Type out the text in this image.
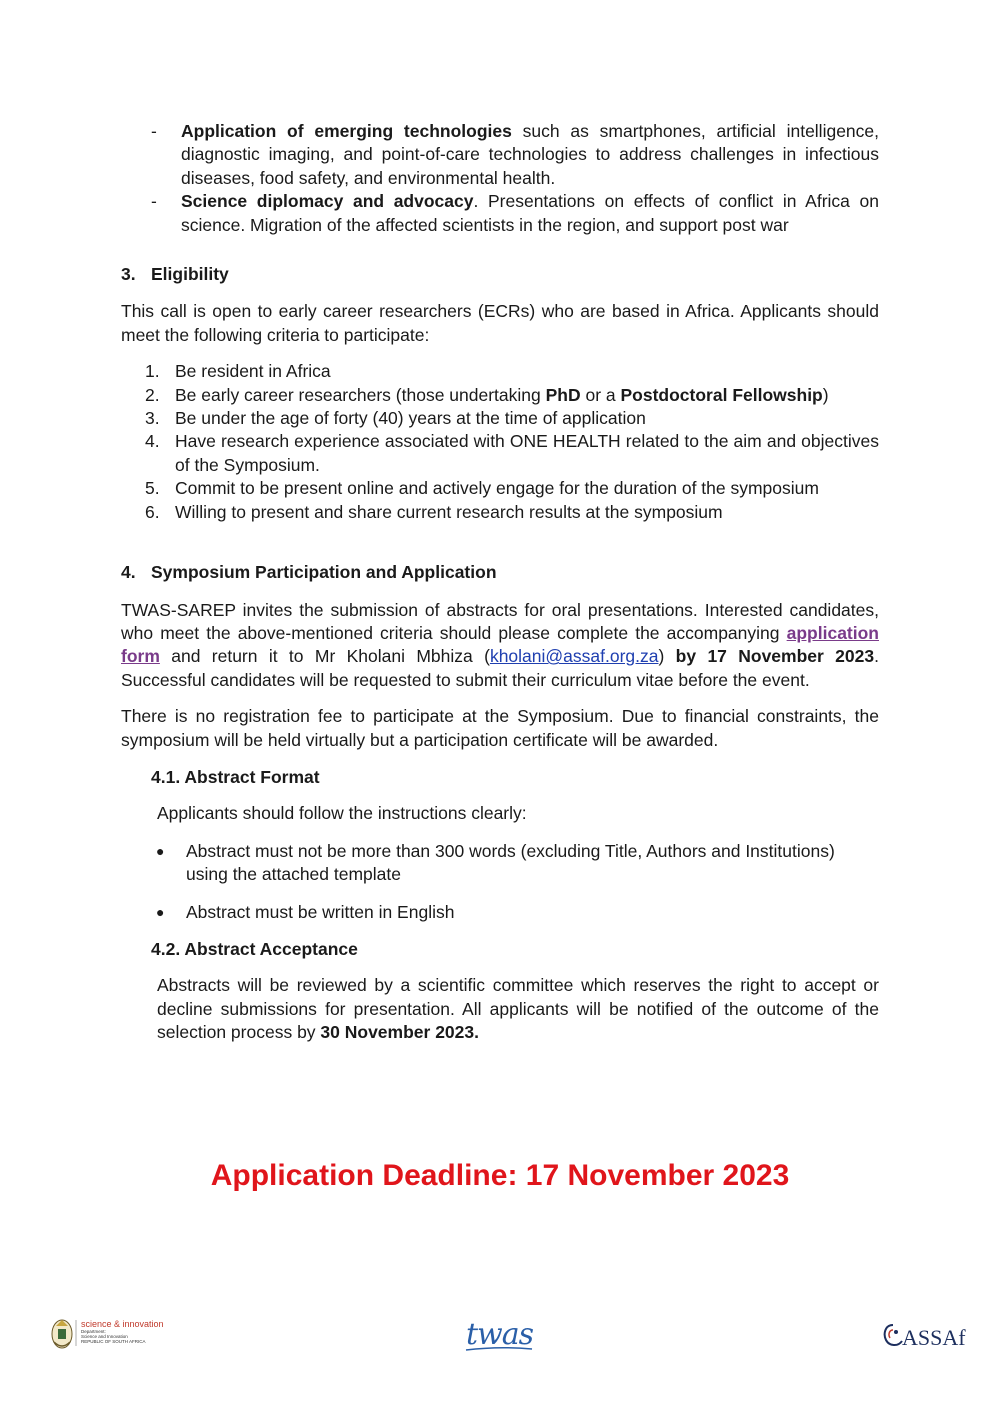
- Application of emerging technologies such as smartphones, artificial intelligence, diagnostic imaging, and point-of-care technologies to address challenges in infectious diseases, food safety, and environmental health.
- Science diplomacy and advocacy. Presentations on effects of conflict in Africa on science. Migration of the affected scientists in the region, and support post war
3. Eligibility

This call is open to early career researchers (ECRs) who are based in Africa. Applicants should meet the following criteria to participate:

1. Be resident in Africa
2. Be early career researchers (those undertaking PhD or a Postdoctoral Fellowship)
3. Be under the age of forty (40) years at the time of application
4. Have research experience associated with ONE HEALTH related to the aim and objectives of the Symposium.
5. Commit to be present online and actively engage for the duration of the symposium
6. Willing to present and share current research results at the symposium
4. Symposium Participation and Application

TWAS-SAREP invites the submission of abstracts for oral presentations. Interested candidates, who meet the above-mentioned criteria should please complete the accompanying application form and return it to Mr Kholani Mbhiza (kholani@assaf.org.za) by 17 November 2023. Successful candidates will be requested to submit their curriculum vitae before the event.

There is no registration fee to participate at the Symposium. Due to financial constraints, the symposium will be held virtually but a participation certificate will be awarded.

4.1. Abstract Format

Applicants should follow the instructions clearly:

● Abstract must not be more than 300 words (excluding Title, Authors and Institutions) using the attached template
● Abstract must be written in English
4.2. Abstract Acceptance

Abstracts will be reviewed by a scientific committee which reserves the right to accept or decline submissions for presentation. All applicants will be notified of the outcome of the selection process by 30 November 2023.

Application Deadline: 17 November 2023
science & innovation
Department:
Science and Innovation
REPUBLIC OF SOUTH AFRICA	twas	ASSAf
